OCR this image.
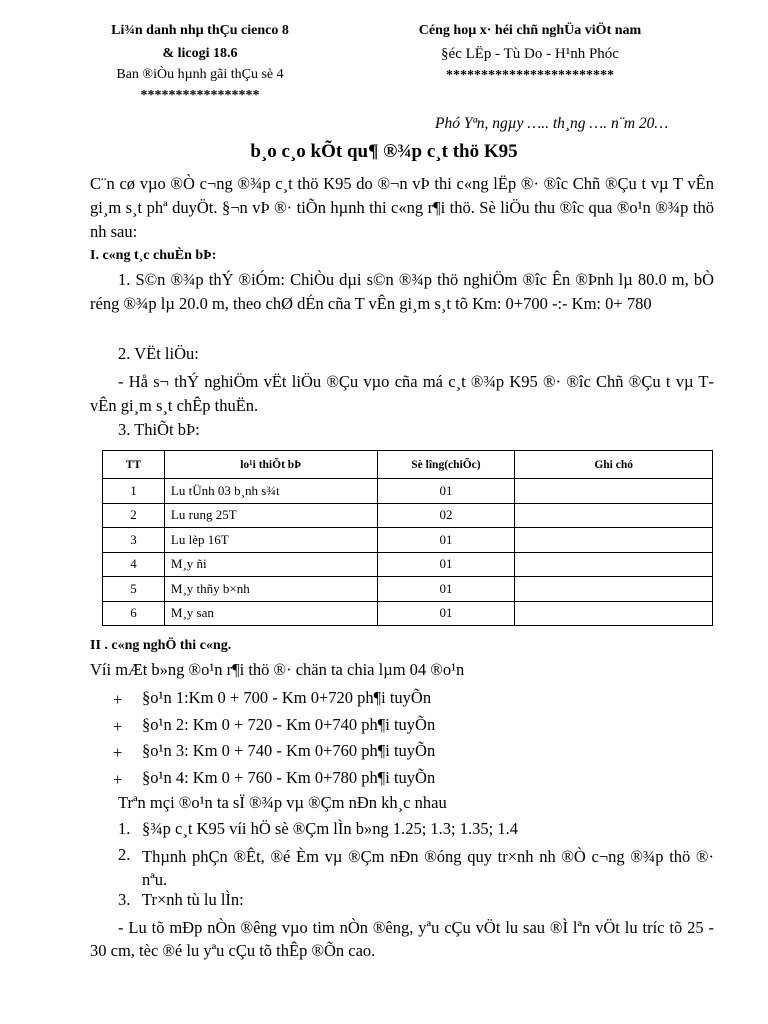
Li¾n danh nhµ thÇu cienco 8
& licogi 18.6
Ban ®iÒu hµnh gãi thÇu sè 4
*****************
Céng hoµ x· héi chñ nghÜa viÖt nam
§éc LËp - Tù Do - H¹nh Phóc
************************
Phó Yªn, ngµy ….. th¸ng …. n¨m 20…
b¸o c¸o kÕt qu¶ ®¾p c¸t thö K95
C¨n cø vµo ®Ò c¬ng ®¾p c¸t thö K95 do ®¬n vÞ thi c«ng lËp ®· ®îc Chñ ®Çu t vµ T vÊn gi¸m s¸t phª duyÖt. §¬n vÞ ®· tiÕn hµnh thi c«ng r¶i thö. Sè liÖu thu ®îc qua ®o¹n ®¾p thö nh sau:
I. c«ng t¸c chuÈn bÞ:
1. S©n ®¾p thÝ ®iÓm: ChiÒu dµi s©n ®¾p thö nghiÖm ®îc Ên ®Þnh lµ 80.0 m, bÒ réng ®¾p lµ 20.0 m, theo chØ dÉn cña T vÊn gi¸m s¸t tõ Km: 0+700 -:- Km: 0+ 780
2. VËt liÖu:
- Hå s¬ thÝ nghiÖm vËt liÖu ®Çu vµo cña má c¸t ®¾p K95 ®· ®îc Chñ ®Çu t vµ T vÊn gi¸m s¸t chÊp thuËn.
3. ThiÕt bÞ:
TT	lo¹i thiÕt bÞ	Sè lîng(chiÕc)	Ghi chó
1	Lu tÜnh 03 b¸nh s¾t	01	
2	Lu rung 25T	02	
3	Lu lèp 16T	01	
4	M¸y ñi	01	
5	M¸y thñy b×nh	01	
6	M¸y san	01	
II . c«ng nghÖ thi c«ng.
Víi mÆt b»ng ®o¹n r¶i thö ®· chän ta chia lµm 04 ®o¹n
+ §o¹n 1:Km 0 + 700 - Km 0+720 ph¶i tuyÕn
+ §o¹n 2: Km 0 + 720 - Km 0+740 ph¶i tuyÕn
+ §o¹n 3: Km 0 + 740 - Km 0+760 ph¶i tuyÕn
+ §o¹n 4: Km 0 + 760 - Km 0+780 ph¶i tuyÕn
Trªn mçi ®o¹n ta sÏ ®¾p vµ ®Çm nÐn kh¸c nhau
1. §¾p c¸t K95 víi hÖ sè ®Çm lÌn b»ng 1.25; 1.3; 1.35; 1.4
2. Thµnh phÇn ®Êt, ®é Èm vµ ®Çm nÐn ®óng quy tr×nh nh ®Ò c¬ng ®¾p thö ®· nªu.
3. Tr×nh tù lu lÌn:
- Lu tõ mÐp nÒn ®êng vµo tim nÒn ®êng, yªu cÇu vÖt lu sau ®Ì lªn vÖt lu tríc tõ 25 - 30 cm, tèc ®é lu yªu cÇu tõ thÊp ®Õn cao.
